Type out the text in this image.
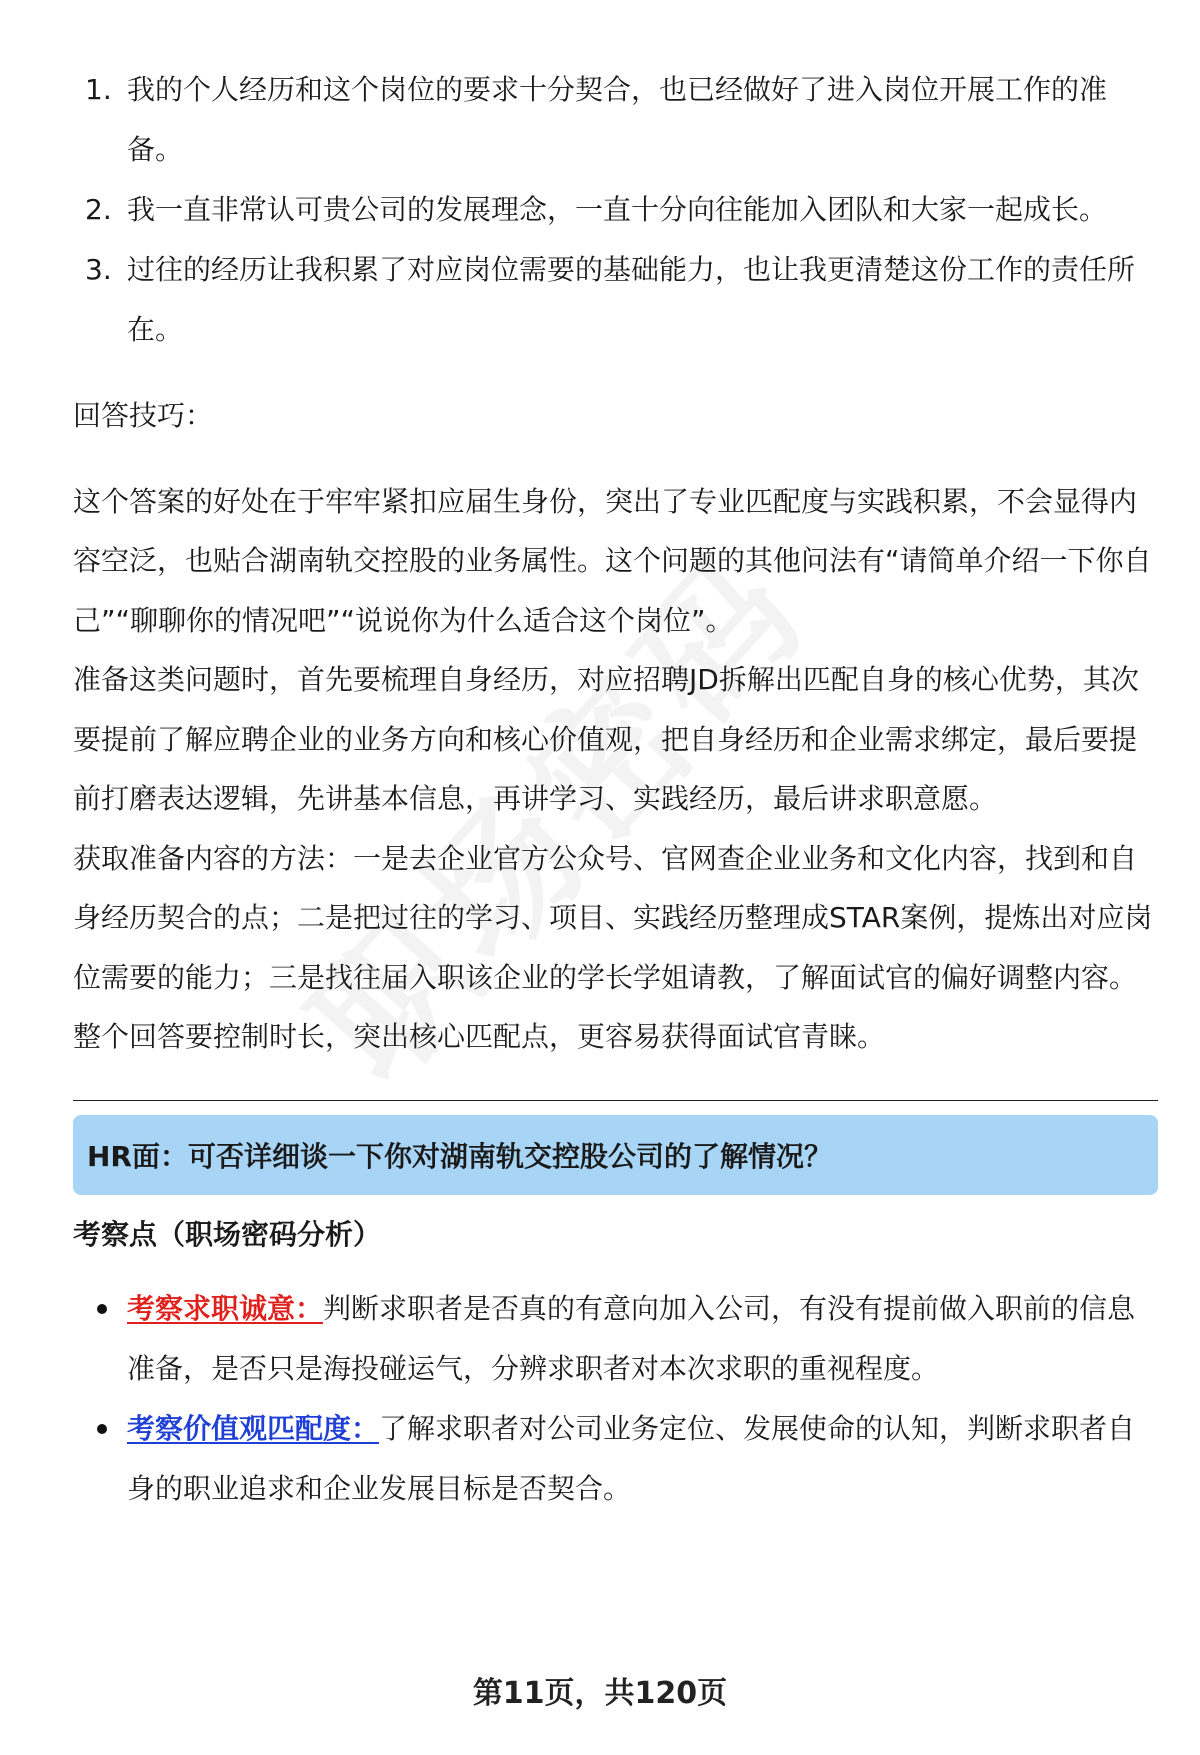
1. 我的个人经历和这个岗位的要求十分契合，也已经做好了进入岗位开展工作的准备。
2. 我一直非常认可贵公司的发展理念，一直十分向往能加入团队和大家一起成长。
3. 过往的经历让我积累了对应岗位需要的基础能力，也让我更清楚这份工作的责任所在。

回答技巧：

这个答案的好处在于牢牢紧扣应届生身份，突出了专业匹配度与实践积累，不会显得内容空泛，也贴合湖南轨交控股的业务属性。这个问题的其他问法有“请简单介绍一下你自己”“聊聊你的情况吧”“说说你为什么适合这个岗位”。

准备这类问题时，首先要梳理自身经历，对应招聘JD拆解出匹配自身的核心优势，其次要提前了解应聘企业的业务方向和核心价值观，把自身经历和企业需求绑定，最后要提前打磨表达逻辑，先讲基本信息，再讲学习、实践经历，最后讲求职意愿。

获取准备内容的方法：一是去企业官方公众号、官网查企业业务和文化内容，找到和自身经历契合的点；二是把过往的学习、项目、实践经历整理成STAR案例，提炼出对应岗位需要的能力；三是找往届入职该企业的学长学姐请教，了解面试官的偏好调整内容。整个回答要控制时长，突出核心匹配点，更容易获得面试官青睐。

HR面：可否详细谈一下你对湖南轨交控股公司的了解情况？
考察点（职场密码分析）
考察求职诚意：判断求职者是否真的有意向加入公司，有没有提前做入职前的信息准备，是否只是海投碰运气，分辨求职者对本次求职的重视程度。
考察价值观匹配度：了解求职者对公司业务定位、发展使命的认知，判断求职者自身的职业追求和企业发展目标是否契合。
第11页，共120页
